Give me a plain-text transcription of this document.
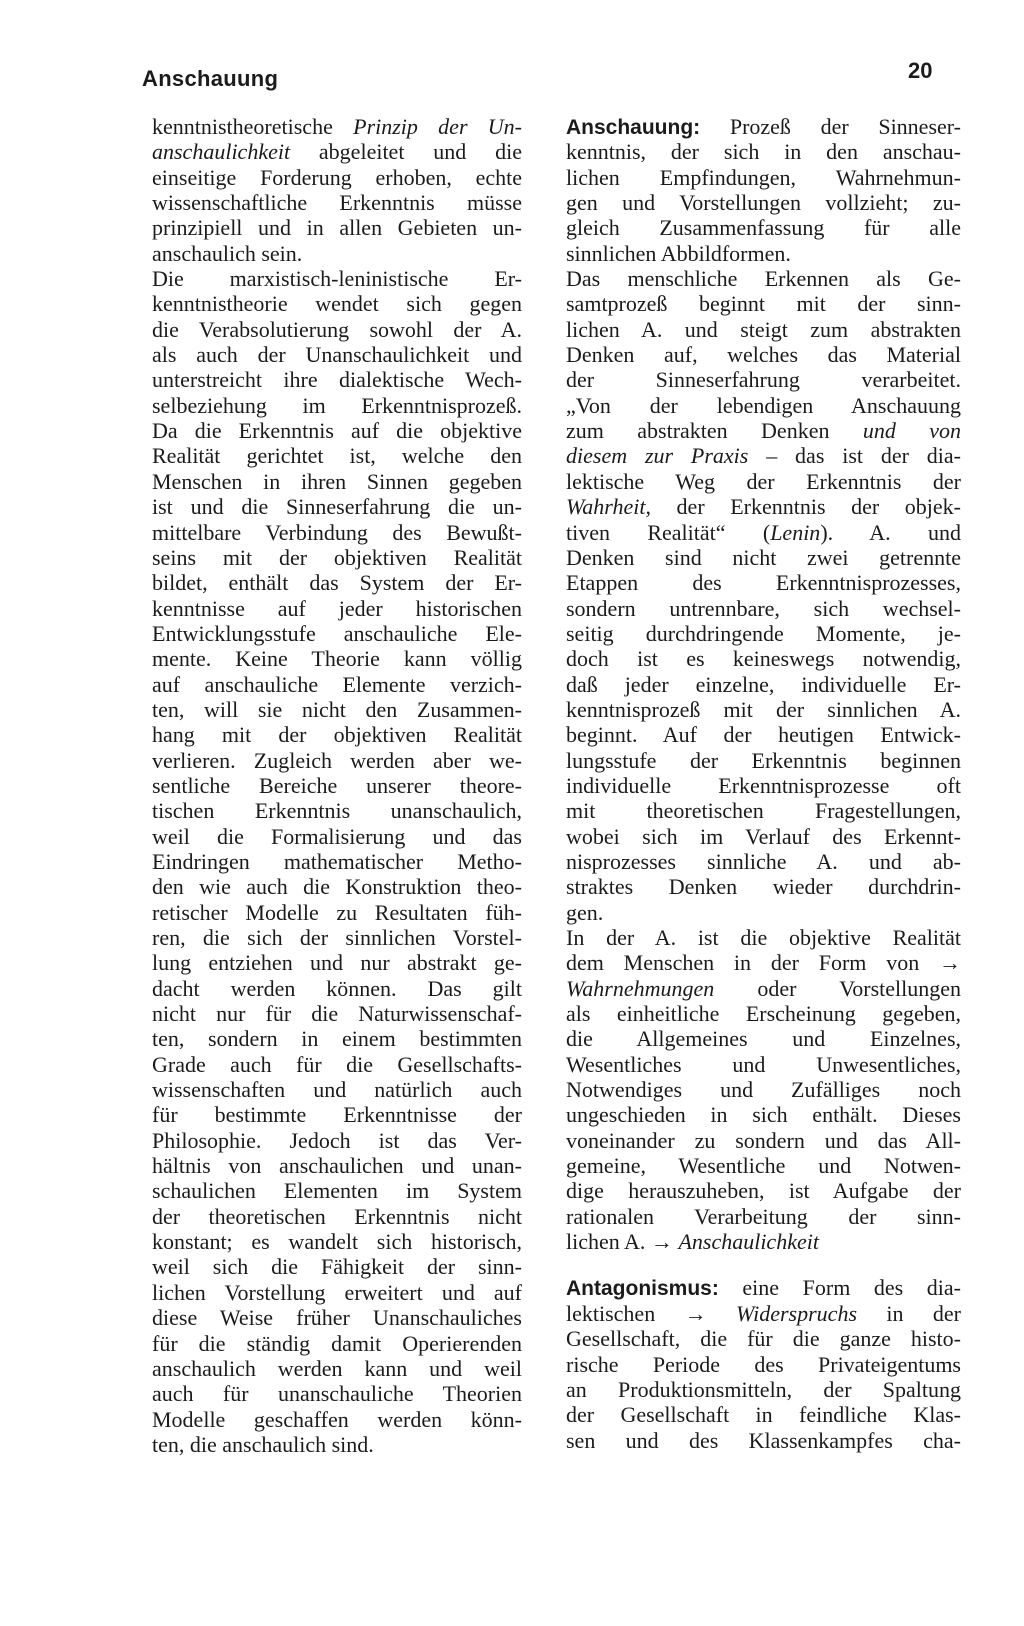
Anschauung	20
kenntnistheoretische Prinzip der Un-
anschaulichkeit abgeleitet und die
einseitige Forderung erhoben, echte
wissenschaftliche Erkenntnis müsse
prinzipiell und in allen Gebieten un-
anschaulich sein.
Die marxistisch-leninistische Er-
kenntnistheorie wendet sich gegen
die Verabsolutierung sowohl der A.
als auch der Unanschaulichkeit und
unterstreicht ihre dialektische Wech-
selbeziehung im Erkenntnisprozeß.
Da die Erkenntnis auf die objektive
Realität gerichtet ist, welche den
Menschen in ihren Sinnen gegeben
ist und die Sinneserfahrung die un-
mittelbare Verbindung des Bewußt-
seins mit der objektiven Realität
bildet, enthält das System der Er-
kenntnisse auf jeder historischen
Entwicklungsstufe anschauliche Ele-
mente. Keine Theorie kann völlig
auf anschauliche Elemente verzich-
ten, will sie nicht den Zusammen-
hang mit der objektiven Realität
verlieren. Zugleich werden aber we-
sentliche Bereiche unserer theore-
tischen Erkenntnis unanschaulich,
weil die Formalisierung und das
Eindringen mathematischer Metho-
den wie auch die Konstruktion theo-
retischer Modelle zu Resultaten füh-
ren, die sich der sinnlichen Vorstel-
lung entziehen und nur abstrakt ge-
dacht werden können. Das gilt
nicht nur für die Naturwissenschaf-
ten, sondern in einem bestimmten
Grade auch für die Gesellschafts-
wissenschaften und natürlich auch
für bestimmte Erkenntnisse der
Philosophie. Jedoch ist das Ver-
hältnis von anschaulichen und unan-
schaulichen Elementen im System
der theoretischen Erkenntnis nicht
konstant; es wandelt sich historisch,
weil sich die Fähigkeit der sinn-
lichen Vorstellung erweitert und auf
diese Weise früher Unanschauliches
für die ständig damit Operierenden
anschaulich werden kann und weil
auch für unanschauliche Theorien
Modelle geschaffen werden könn-
ten, die anschaulich sind.
Anschauung: Prozeß der Sinneser-
kenntnis, der sich in den anschau-
lichen Empfindungen, Wahrnehmun-
gen und Vorstellungen vollzieht; zu-
gleich Zusammenfassung für alle
sinnlichen Abbildformen.
Das menschliche Erkennen als Ge-
samtprozeß beginnt mit der sinn-
lichen A. und steigt zum abstrakten
Denken auf, welches das Material
der Sinneserfahrung verarbeitet.
„Von der lebendigen Anschauung
zum abstrakten Denken und von
diesem zur Praxis – das ist der dia-
lektische Weg der Erkenntnis der
Wahrheit, der Erkenntnis der objek-
tiven Realität“ (Lenin). A. und
Denken sind nicht zwei getrennte
Etappen des Erkenntnisprozesses,
sondern untrennbare, sich wechsel-
seitig durchdringende Momente, je-
doch ist es keineswegs notwendig,
daß jeder einzelne, individuelle Er-
kenntnisprozeß mit der sinnlichen A.
beginnt. Auf der heutigen Entwick-
lungsstufe der Erkenntnis beginnen
individuelle Erkenntnisprozesse oft
mit theoretischen Fragestellungen,
wobei sich im Verlauf des Erkennt-
nisprozesses sinnliche A. und ab-
straktes Denken wieder durchdrin-
gen.
In der A. ist die objektive Realität
dem Menschen in der Form von →
Wahrnehmungen oder Vorstellungen
als einheitliche Erscheinung gegeben,
die Allgemeines und Einzelnes,
Wesentliches und Unwesentliches,
Notwendiges und Zufälliges noch
ungeschieden in sich enthält. Dieses
voneinander zu sondern und das All-
gemeine, Wesentliche und Notwen-
dige herauszuheben, ist Aufgabe der
rationalen Verarbeitung der sinn-
lichen A. → Anschaulichkeit
Antagonismus: eine Form des dia-
lektischen → Widerspruchs in der
Gesellschaft, die für die ganze histo-
rische Periode des Privateigentums
an Produktionsmitteln, der Spaltung
der Gesellschaft in feindliche Klas-
sen und des Klassenkampfes cha-
